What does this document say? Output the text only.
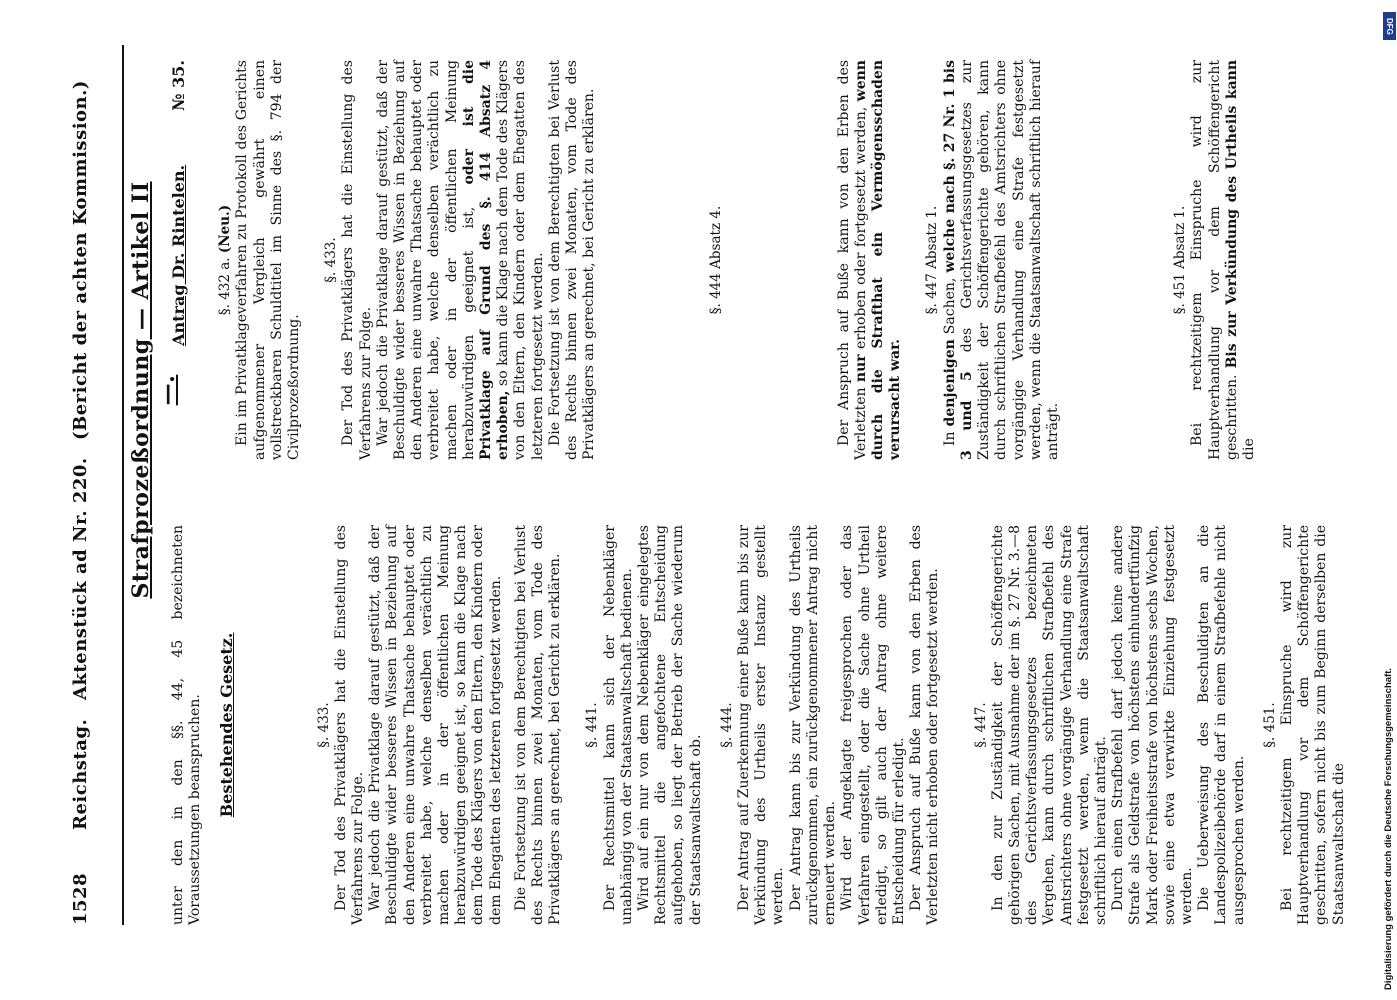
1528
Reichstag.
Aktenstück ad Nr. 220.
(Bericht der achten Kommission.) Strafprozeßordnung — Artikel II —.

unter den in den §§. 44, 45 bezeichneten Voraussetzungen beanspruchen. Bestehendes Gesetz.	§. 433. Der Tod des Privatklägers hat die Einstellung des Verfahrens zur Folge. War jedoch die Privatklage darauf gestützt, daß der Beschuldigte wider besseres Wissen in Beziehung auf den Anderen eine unwahre Thatsache behauptet oder verbreitet habe, welche denselben verächtlich zu machen oder in der öffentlichen Meinung herabzuwürdigen geeignet ist, so kann die Klage nach dem Tode des Klägers von den Eltern, den Kindern oder dem Ehegatten des letzteren fortgesetzt werden. Die Fortsetzung ist von dem Berechtigten bei Verlust des Rechts binnen zwei Monaten, vom Tode des Privatklägers an gerechnet, bei Gericht zu erklären. §. 441. Der Rechtsmittel kann sich der Nebenkläger unabhängig von der Staatsanwaltschaft bedienen. Wird auf ein nur von dem Nebenkläger eingelegtes Rechtsmittel die angefochtene Entscheidung aufgehoben, so liegt der Betrieb der Sache wiederum der Staatsanwaltschaft ob.

§. 444. Der Antrag auf Zuerkennung einer Buße kann bis zur Verkündung des Urtheils erster Instanz gestellt werden. Der Antrag kann bis zur Verkündung des Urtheils zurückgenommen, ein zurückgenommener Antrag nicht erneuert werden. Wird der Angeklagte freigesprochen oder das Verfahren eingestellt, oder die Sache ohne Urtheil erledigt, so gilt auch der Antrag ohne weitere Entscheidung für erledigt. Der Anspruch auf Buße kann von den Erben des Verletzten nicht erhoben oder fortgesetzt werden. §. 447. In den zur Zuständigkeit der Schöffengerichte gehörigen Sachen, mit Ausnahme der im §. 27 Nr. 3.—8 des Gerichtsverfassungsgesetzes bezeichneten Vergehen, kann durch schriftlichen Strafbefehl des Amtsrichters ohne vorgängige Verhandlung eine Strafe festgesetzt werden, wenn die Staatsanwaltschaft schriftlich hierauf anträgt. Durch einen Strafbefehl darf jedoch keine andere Strafe als Geldstrafe von höchstens einhundertfünfzig Mark oder Freiheitsstrafe von höchstens sechs Wochen, sowie eine etwa verwirkte Einziehung festgesetzt werden. Die Ueberweisung des Beschuldigten an die Landespolizeibehörde darf in einem Strafbefehle nicht ausgesprochen werden.

§. 451. Bei rechtzeitigem Einspruche wird zur Hauptverhandlung vor dem Schöffengerichte geschritten, sofern nicht bis zum Beginn derselben die Staatsanwaltschaft die

Antrag Dr. Rintelen.
№ 35.

§. 432 a. (Neu.) Ein im Privatklageverfahren zu Protokoll des Gerichts aufgenommener Vergleich gewährt einen vollstreckbaren Schuldtitel im Sinne des §. 794 der Civilprozeßordnung.

§. 433. Der Tod des Privatklägers hat die Einstellung des Verfahrens zur Folge. War jedoch die Privatklage darauf gestützt, daß der Beschuldigte wider besseres Wissen in Beziehung auf den Anderen eine unwahre Thatsache behauptet oder verbreitet habe, welche denselben verächtlich zu machen oder in der öffentlichen Meinung herabzuwürdigen geeignet ist, oder ist die Privatklage auf Grund des §. 414 Absatz 4 erhoben, so kann die Klage nach dem Tode des Klägers von den Eltern, den Kindern oder dem Ehegatten des letzteren fortgesetzt werden. Die Fortsetzung ist von dem Berechtigten bei Verlust des Rechts binnen zwei Monaten, vom Tode des Privatklägers an gerechnet, bei Gericht zu erklären.	§. 444 Absatz 4.	Der Anspruch auf Buße kann von den Erben des Verletzten nur erhoben oder fortgesetzt werden, wenn durch die Strafthat ein Vermögensschaden verursacht war.

§. 447 Absatz 1.

In denjenigen Sachen, welche nach §. 27 Nr. 1 bis 3 und 5 des Gerichtsverfassungsgesetzes zur Zuständigkeit der Schöffengerichte gehören, kann durch schriftlichen Strafbefehl des Amtsrichters ohne vorgängige Verhandlung eine Strafe festgesetzt werden, wenn die Staatsanwaltschaft schriftlich hierauf anträgt.

§. 451 Absatz 1. Bei rechtzeitigem Einspruche wird zur Hauptverhandlung vor dem Schöffengericht geschritten. Bis zur Verkündung des Urtheils kann die

DFG
Digitalisierung gefördert durch die Deutsche Forschungsgemeinschaft.
